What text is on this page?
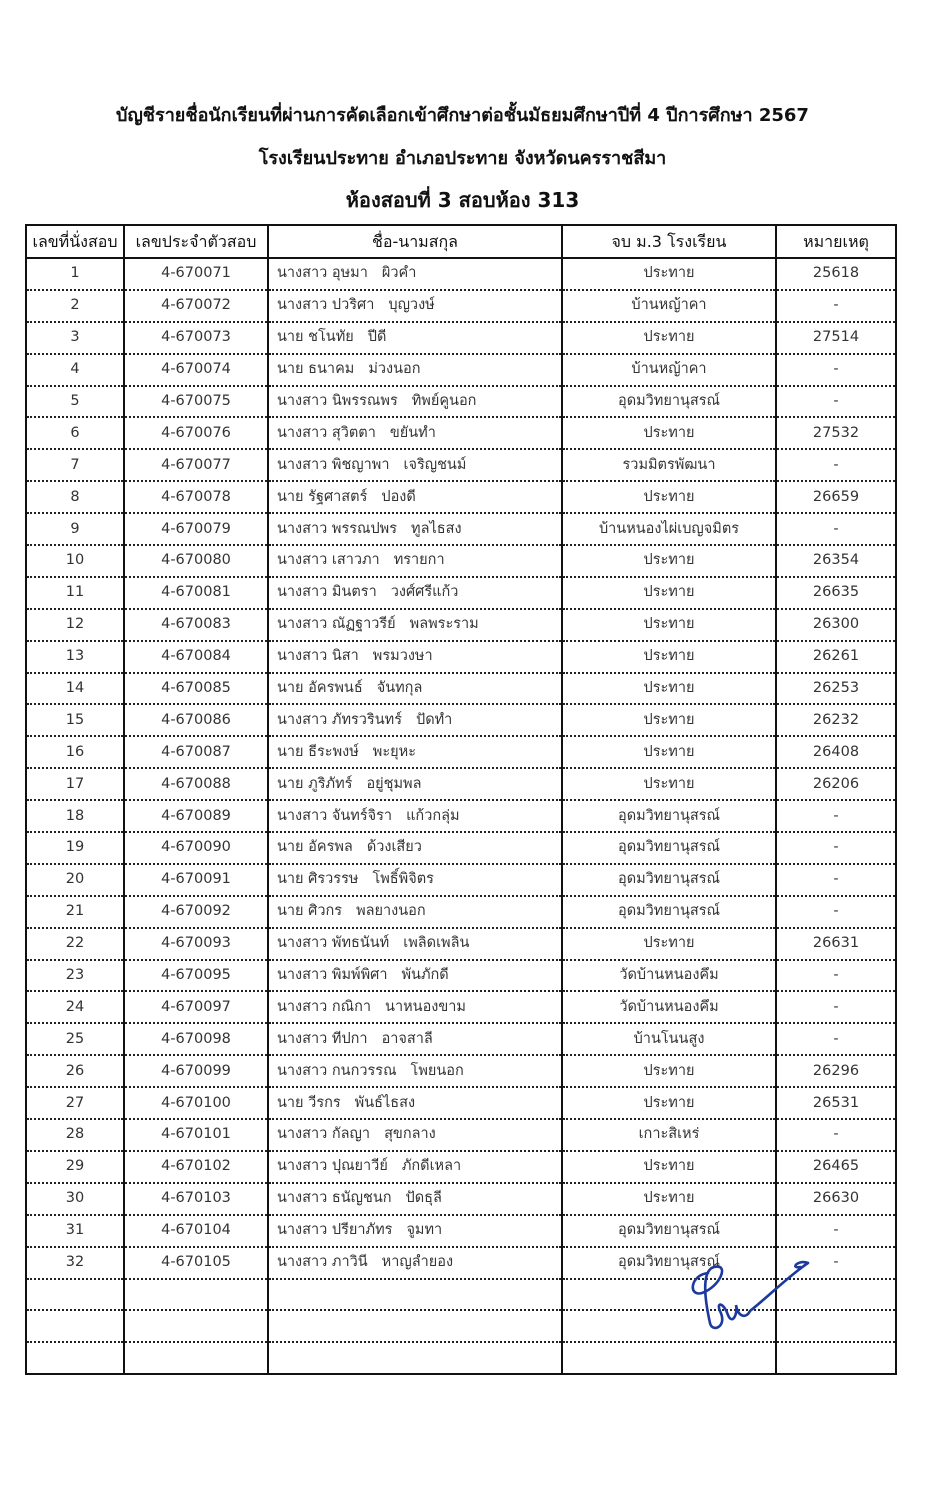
บัญชีรายชื่อนักเรียนที่ผ่านการคัดเลือกเข้าศึกษาต่อชั้นมัธยมศึกษาปีที่ 4 ปีการศึกษา 2567
โรงเรียนประทาย อำเภอประทาย จังหวัดนครราชสีมา
ห้องสอบที่ 3 สอบห้อง 313
เลขที่นั่งสอบ	เลขประจำตัวสอบ	ชื่อ-นามสกุล	จบ ม.3 โรงเรียน	หมายเหตุ
1	4-670071	นางสาว อุษมา ผิวคำ	ประทาย	25618
2	4-670072	นางสาว ปวริศา บุญวงษ์	บ้านหญ้าคา	-
3	4-670073	นาย ชโนทัย ปีดี	ประทาย	27514
4	4-670074	นาย ธนาคม ม่วงนอก	บ้านหญ้าคา	-
5	4-670075	นางสาว นิพรรณพร ทิพย์คูนอก	อุดมวิทยานุสรณ์	-
6	4-670076	นางสาว สุวิตตา ขยันทำ	ประทาย	27532
7	4-670077	นางสาว พิชญาพา เจริญชนม์	รวมมิตรพัฒนา	-
8	4-670078	นาย รัฐศาสตร์ ปองดี	ประทาย	26659
9	4-670079	นางสาว พรรณปพร ทูลไธสง	บ้านหนองไผ่เบญจมิตร	-
10	4-670080	นางสาว เสาวภา ทรายกา	ประทาย	26354
11	4-670081	นางสาว มินตรา วงศ์ศรีแก้ว	ประทาย	26635
12	4-670083	นางสาว ณัฏฐาวรีย์ พลพระราม	ประทาย	26300
13	4-670084	นางสาว นิสา พรมวงษา	ประทาย	26261
14	4-670085	นาย อัครพนธ์ จันทกุล	ประทาย	26253
15	4-670086	นางสาว ภัทรวรินทร์ ปัดทำ	ประทาย	26232
16	4-670087	นาย ธีระพงษ์ พะยุหะ	ประทาย	26408
17	4-670088	นาย ภูริภัทร์ อยู่ชุมพล	ประทาย	26206
18	4-670089	นางสาว จันทร์จิรา แก้วกลุ่ม	อุดมวิทยานุสรณ์	-
19	4-670090	นาย อัครพล ด้วงเสียว	อุดมวิทยานุสรณ์	-
20	4-670091	นาย ศิรวรรษ โพธิ์พิจิตร	อุดมวิทยานุสรณ์	-
21	4-670092	นาย ศิวกร พลยางนอก	อุดมวิทยานุสรณ์	-
22	4-670093	นางสาว พัทธนันท์ เพลิดเพลิน	ประทาย	26631
23	4-670095	นางสาว พิมพ์พิศา พันภักดี	วัดบ้านหนองคึม	-
24	4-670097	นางสาว กณิกา นาหนองขาม	วัดบ้านหนองคึม	-
25	4-670098	นางสาว ทีปกา อาจสาลี	บ้านโนนสูง	-
26	4-670099	นางสาว กนกวรรณ โพยนอก	ประทาย	26296
27	4-670100	นาย วีรกร พันธ์ไธสง	ประทาย	26531
28	4-670101	นางสาว กัลญา สุขกลาง	เกาะสิเหร่	-
29	4-670102	นางสาว ปุณยาวีย์ ภักดีเหลา	ประทาย	26465
30	4-670103	นางสาว ธนัญชนก ปัดธุลี	ประทาย	26630
31	4-670104	นางสาว ปรียาภัทร จูมทา	อุดมวิทยานุสรณ์	-
32	4-670105	นางสาว ภาวินี หาญลำยอง	อุดมวิทยานุสรณ์	-
